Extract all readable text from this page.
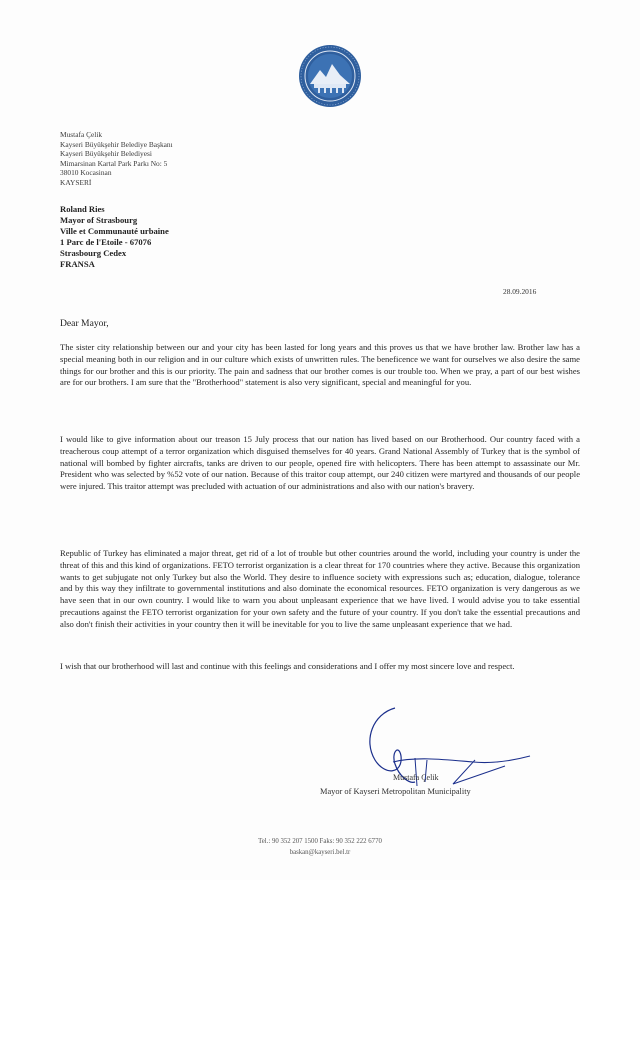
Mustafa Çelik
Kayseri Büyükşehir Belediye Başkanı
Kayseri Büyükşehir Belediyesi
Mimarsinan Kartal Park Parkı No: 5
38010 Kocasinan
KAYSERİ
Roland Ries
Mayor of Strasbourg
Ville et Communauté urbaine
1 Parc de l'Etoile - 67076
Strasbourg Cedex
FRANSA
28.09.2016
Dear Mayor,

The sister city relationship between our and your city has been lasted for long years and this proves us that we have brother law. Brother law has a special meaning both in our religion and in our culture which exists of unwritten rules. The beneficence we want for ourselves we also desire the same things for our brother and this is our priority. The pain and sadness that our brother comes is our trouble too. When we pray, a part of our best wishes are for our brothers. I am sure that the "Brotherhood" statement is also very significant, special and meaningful for you.

I would like to give information about our treason 15 July process that our nation has lived based on our Brotherhood. Our country faced with a treacherous coup attempt of a terror organization which disguised themselves for 40 years. Grand National Assembly of Turkey that is the symbol of national will bombed by fighter aircrafts, tanks are driven to our people, opened fire with helicopters. There has been attempt to assassinate our Mr. President who was selected by %52 vote of our nation. Because of this traitor coup attempt, our 240 citizen were martyred and thousands of our people were injured. This traitor attempt was precluded with actuation of our administrations and also with our nation's bravery.

Republic of Turkey has eliminated a major threat, get rid of a lot of trouble but other countries around the world, including your country is under the threat of this and this kind of organizations. FETO terrorist organization is a clear threat for 170 countries where they active. Because this organization wants to get subjugate not only Turkey but also the World. They desire to influence society with expressions such as; education, dialogue, tolerance and by this way they infiltrate to governmental institutions and also dominate the economical resources. FETO organization is very dangerous as we have seen that in our own country. I would like to warn you about unpleasant experience that we have lived. I would advise you to take essential precautions against the FETO terrorist organization for your own safety and the future of your country. If you don't take the essential precautions and also don't finish their activities in your country then it will be inevitable for you to live the same unpleasant experience that we had.

I wish that our brotherhood will last and continue with this feelings and considerations and I offer my most sincere love and respect.

Mustafa Çelik
Mayor of Kayseri Metropolitan Municipality
Tel.: 90 352 207 1500 Faks: 90 352 222 6770
baskan@kayseri.bel.tr
